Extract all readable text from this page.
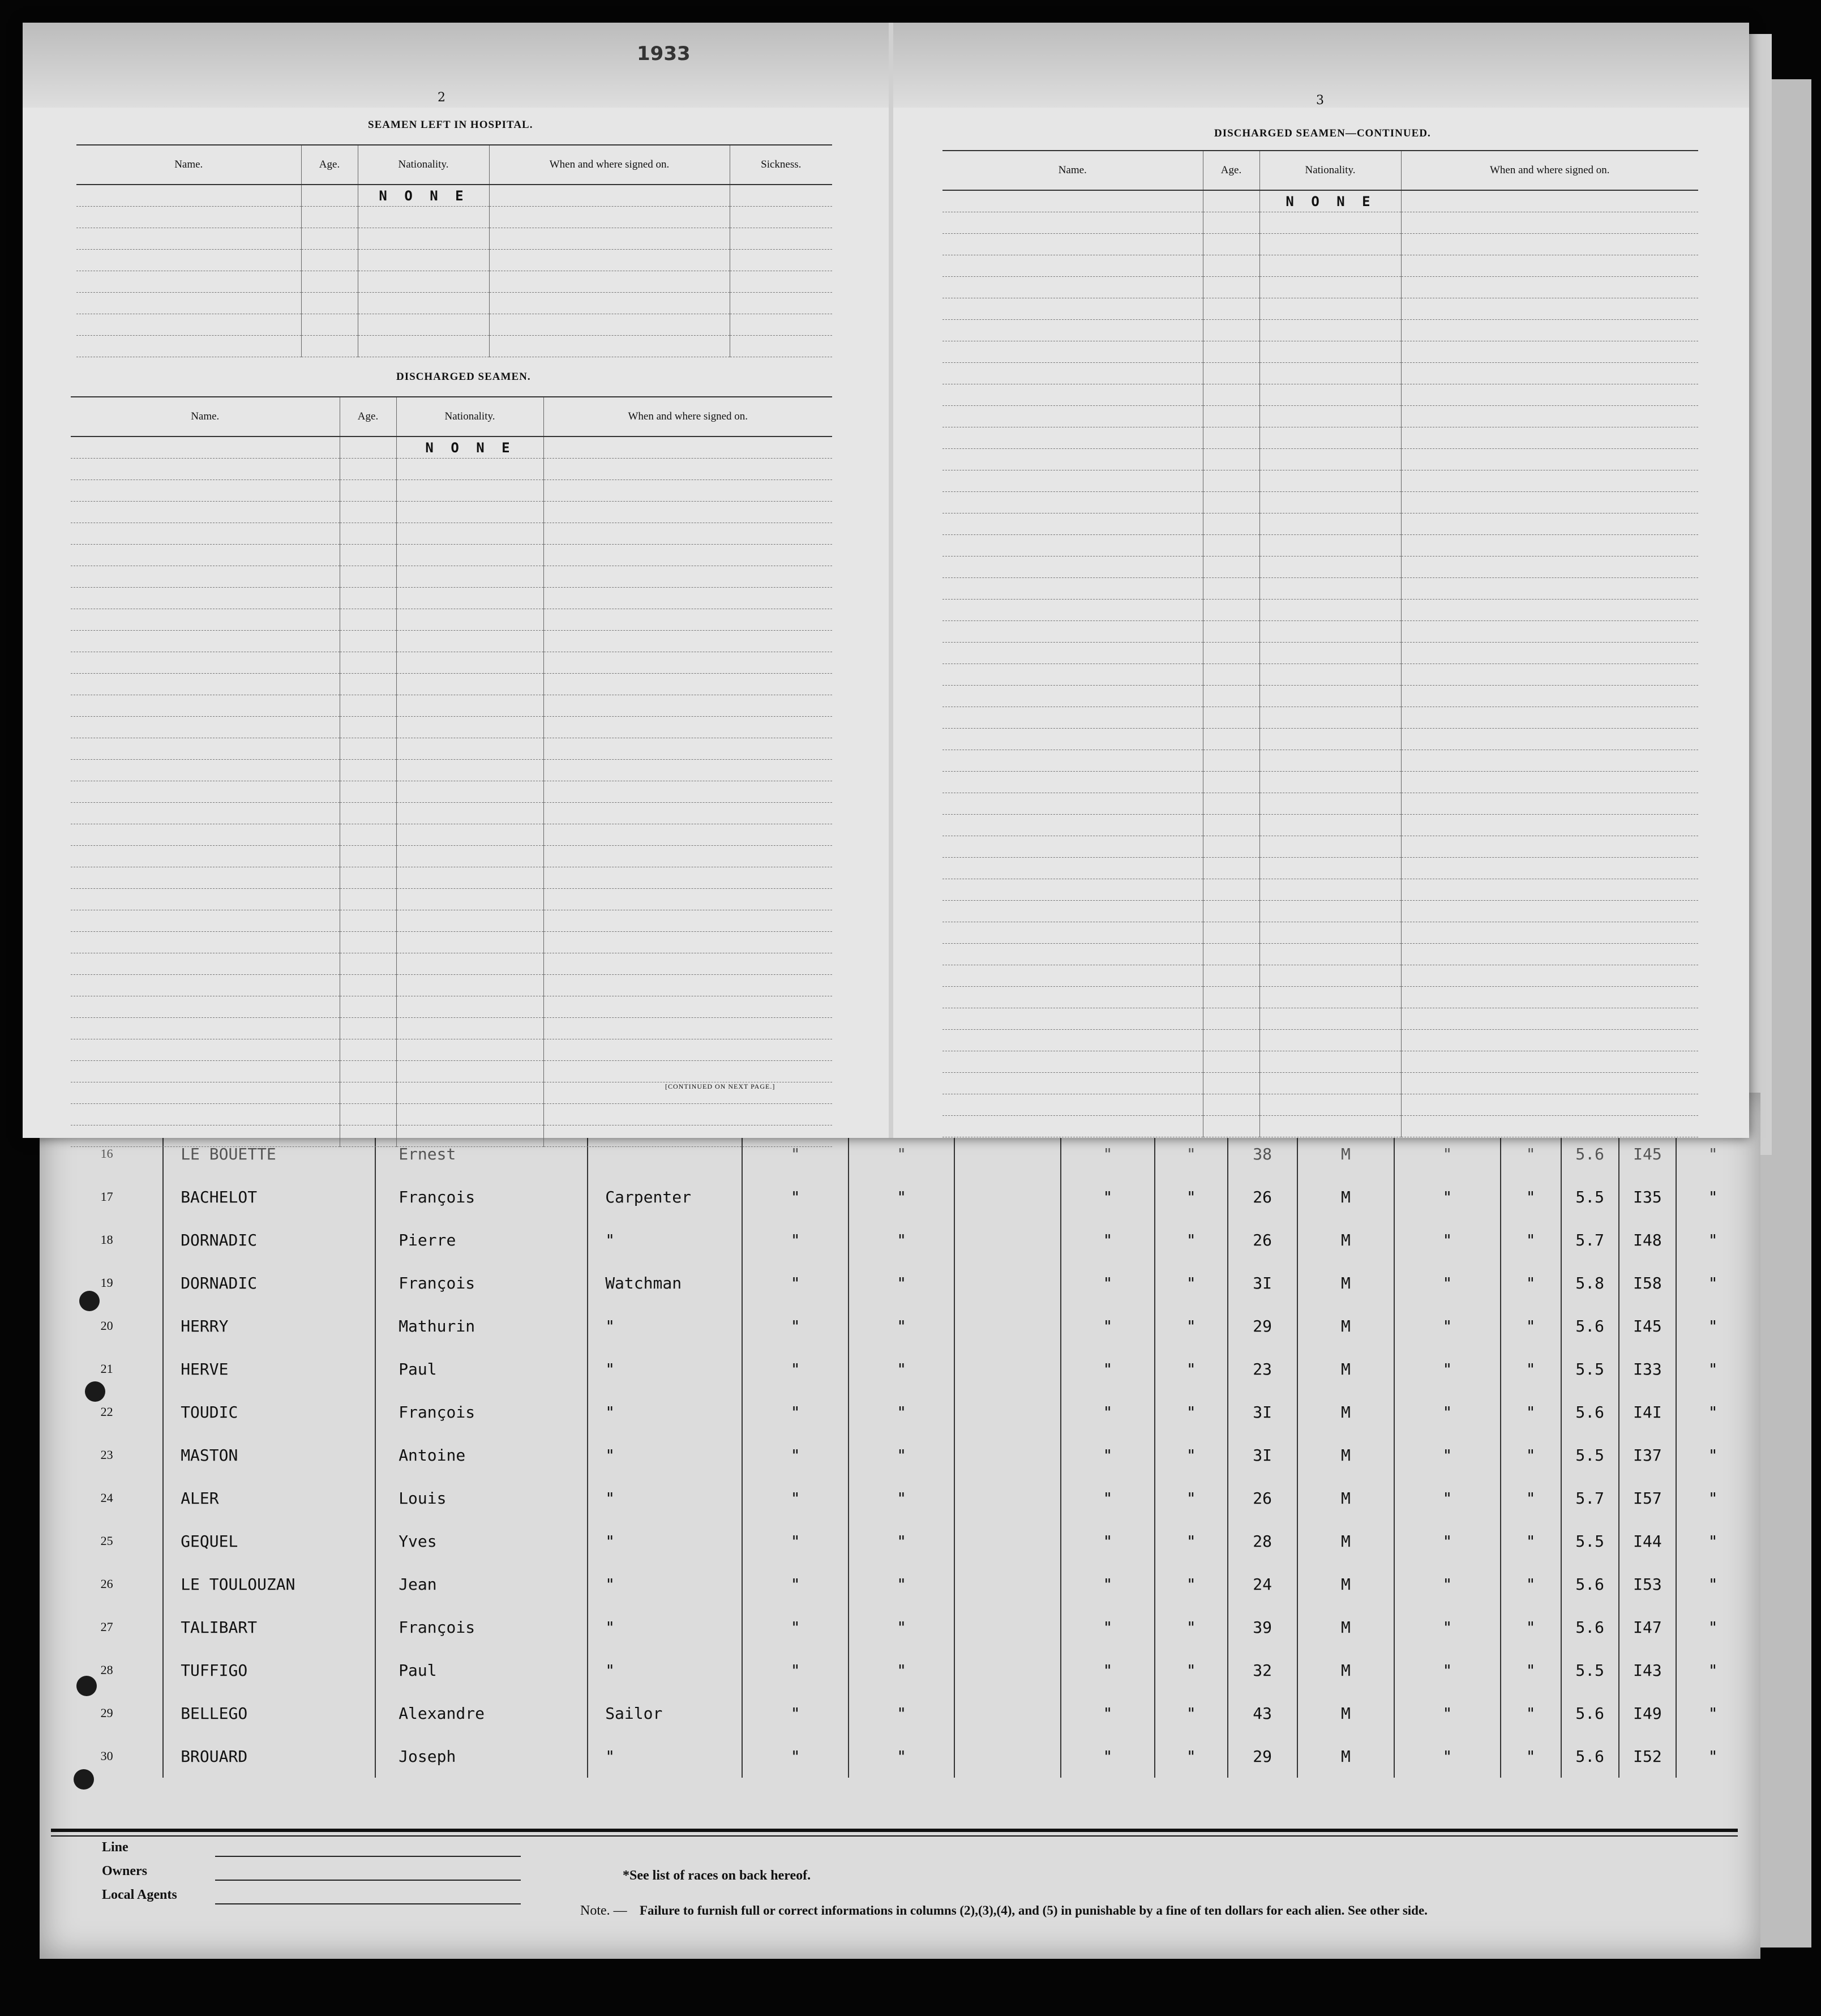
16	LE BOUETTE	Ernest		"	"		"	"	38	M	"	"	5.6	I45	"
17	BACHELOT	François	Carpenter	"	"		"	"	26	M	"	"	5.5	I35	"
18	DORNADIC	Pierre	"	"	"		"	"	26	M	"	"	5.7	I48	"
19	DORNADIC	François	Watchman	"	"		"	"	3I	M	"	"	5.8	I58	"
20	HERRY	Mathurin	"	"	"		"	"	29	M	"	"	5.6	I45	"
21	HERVE	Paul	"	"	"		"	"	23	M	"	"	5.5	I33	"
22	TOUDIC	François	"	"	"		"	"	3I	M	"	"	5.6	I4I	"
23	MASTON	Antoine	"	"	"		"	"	3I	M	"	"	5.5	I37	"
24	ALER	Louis	"	"	"		"	"	26	M	"	"	5.7	I57	"
25	GEQUEL	Yves	"	"	"		"	"	28	M	"	"	5.5	I44	"
26	LE TOULOUZAN	Jean	"	"	"		"	"	24	M	"	"	5.6	I53	"
27	TALIBART	François	"	"	"		"	"	39	M	"	"	5.6	I47	"
28	TUFFIGO	Paul	"	"	"		"	"	32	M	"	"	5.5	I43	"
29	BELLEGO	Alexandre	Sailor	"	"		"	"	43	M	"	"	5.6	I49	"
30	BROUARD	Joseph	"	"	"		"	"	29	M	"	"	5.6	I52	"
Line
Owners
Local Agents
*See list of races on back hereof.
Note. — Failure to furnish full or correct informations in columns (2),(3),(4), and (5) in punishable by a fine of ten dollars for each alien. See other side.
2	3
1933
SEAMEN LEFT IN HOSPITAL.
Name.	Age.	Nationality.	When and where signed on.	Sickness.
		N O N E		

DISCHARGED SEAMEN.
Name.	Age.	Nationality.	When and where signed on.
		N O N E	

DISCHARGED SEAMEN—CONTINUED.
Name.	Age.	Nationality.	When and where signed on.
		N O N E	

[CONTINUED ON NEXT PAGE.]
